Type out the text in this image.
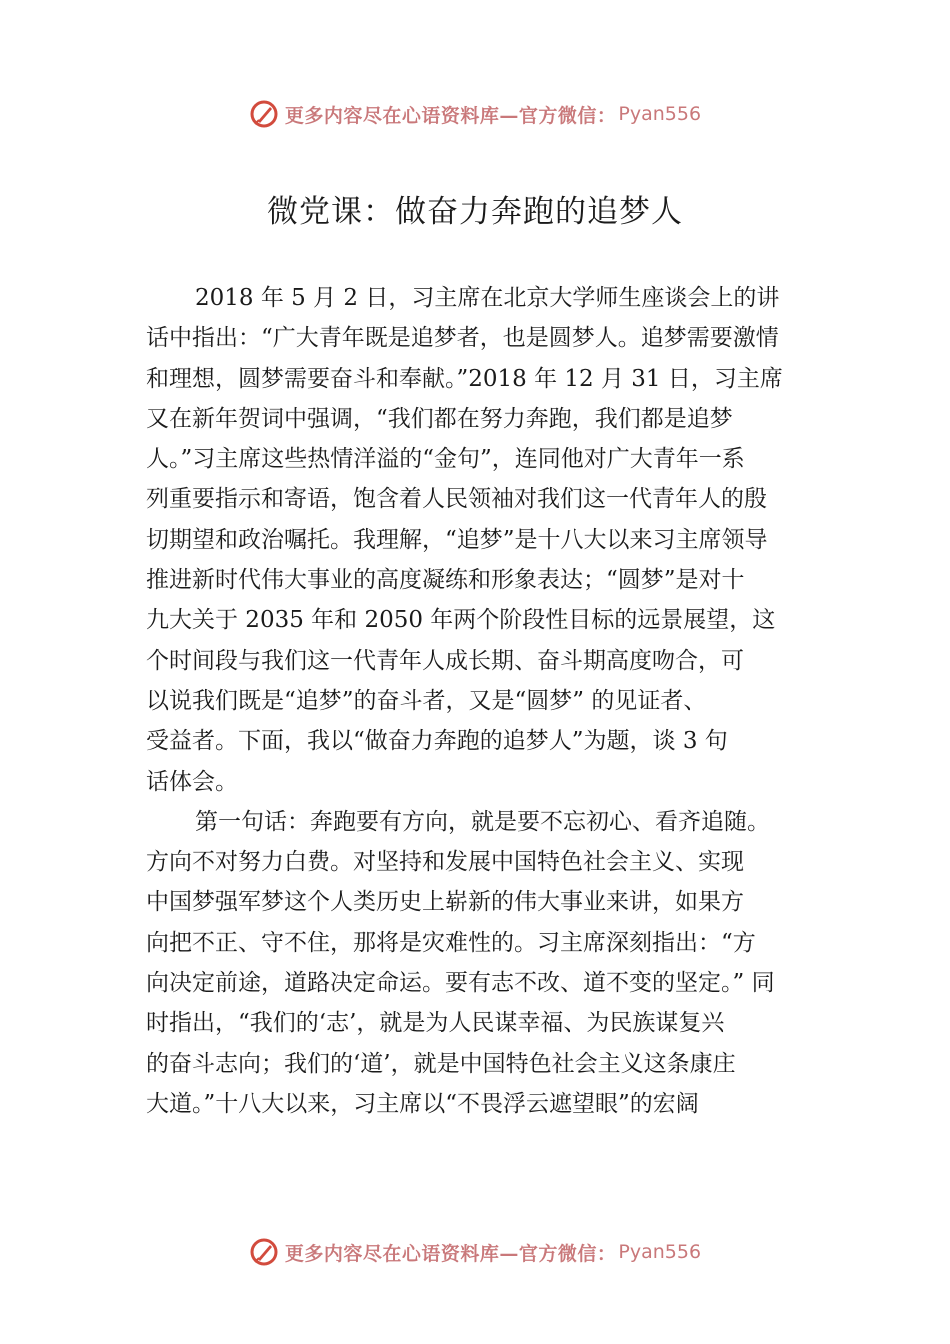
更多内容尽在心语资料库—官方微信： Pyan556
微党课：做奋力奔跑的追梦人
2018 年 5 月 2 日，习主席在北京大学师生座谈会上的讲
话中指出：“广大青年既是追梦者，也是圆梦人。追梦需要激情
和理想，圆梦需要奋斗和奉献。”2018 年 12 月 31 日，习主席
又在新年贺词中强调，“我们都在努力奔跑，我们都是追梦
人。”习主席这些热情洋溢的“金句”，连同他对广大青年一系
列重要指示和寄语，饱含着人民领袖对我们这一代青年人的殷
切期望和政治嘱托。我理解，“追梦”是十八大以来习主席领导
推进新时代伟大事业的高度凝练和形象表达；“圆梦”是对十
九大关于 2035 年和 2050 年两个阶段性目标的远景展望，这
个时间段与我们这一代青年人成长期、奋斗期高度吻合，可
以说我们既是“追梦”的奋斗者，又是“圆梦” 的见证者、
受益者。下面，我以“做奋力奔跑的追梦人”为题，谈 3 句
话体会。
第一句话：奔跑要有方向，就是要不忘初心、看齐追随。
方向不对努力白费。对坚持和发展中国特色社会主义、实现
中国梦强军梦这个人类历史上崭新的伟大事业来讲，如果方
向把不正、守不住，那将是灾难性的。习主席深刻指出：“方
向决定前途，道路决定命运。要有志不改、道不变的坚定。” 同
时指出，“我们的‘志’，就是为人民谋幸福、为民族谋复兴
的奋斗志向；我们的‘道’，就是中国特色社会主义这条康庄
大道。”十八大以来，习主席以“不畏浮云遮望眼”的宏阔
更多内容尽在心语资料库—官方微信： Pyan556
